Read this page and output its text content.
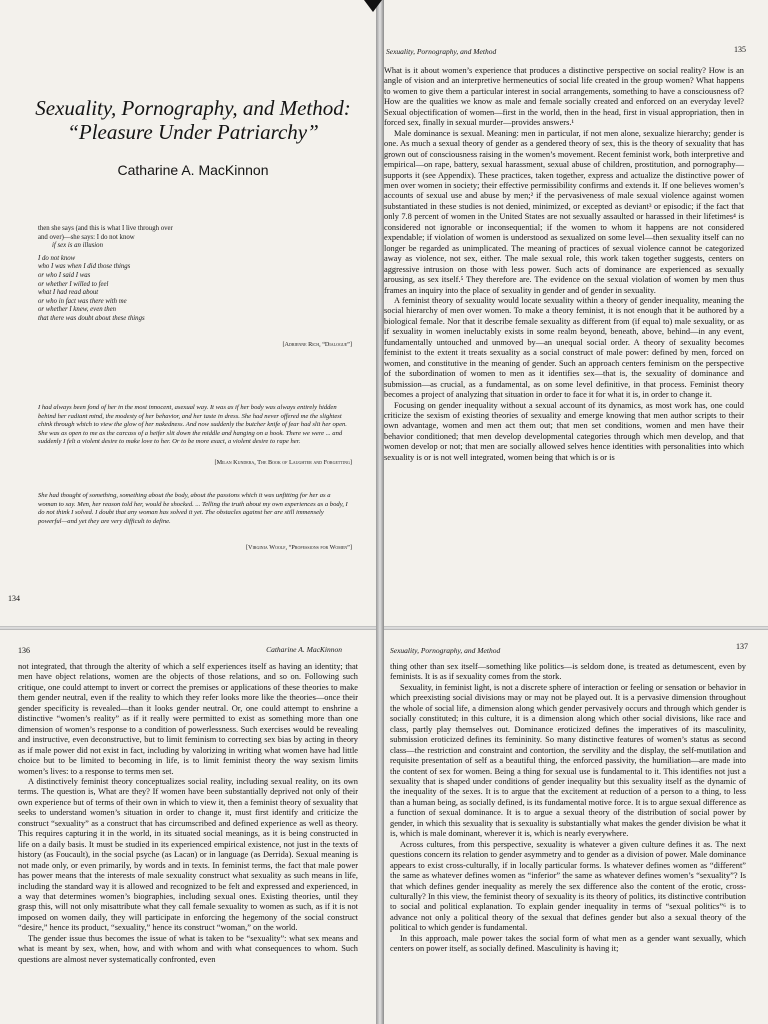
Sexuality, Pornography, and Method:
“Pleasure Under Patriarchy”
Catharine A. MacKinnon
then she says (and this is what I live through over
and over)—she says: I do not know
if sex is an illusion
I do not know
who I was when I did those things
or who I said I was
or whether I willed to feel
what I had read about
or who in fact was there with me
or whether I knew, even then
that there was doubt about these things
[Adrienne Rich, “Dialogue”]
I had always been fond of her in the most innocent, asexual way. It was as if her body was always entirely hidden behind her radiant mind, the modesty of her behavior, and her taste in dress. She had never offered me the slightest chink through which to view the glow of her nakedness. And now suddenly the butcher knife of fear had slit her open. She was as open to me as the carcass of a heifer slit down the middle and hanging on a hook. There we were ... and suddenly I felt a violent desire to make love to her. Or to be more exact, a violent desire to rape her.
[Milan Kundera, The Book of Laughter and Forgetting]
She had thought of something, something about the body, about the passions which it was unfitting for her as a woman to say. Men, her reason told her, would be shocked. ... Telling the truth about my own experiences as a body, I do not think I solved. I doubt that any woman has solved it yet. The obstacles against her are still immensely powerful—and yet they are very difficult to define.
[Virginia Woolf, “Professions for Women”]
134
Sexuality, Pornography, and Method	135

What is it about women’s experience that produces a distinctive perspective on social reality? How is an angle of vision and an interpretive hermeneutics of social life created in the group women? What happens to women to give them a particular interest in social arrangements, something to have a consciousness of? How are the qualities we know as male and female socially created and enforced on an everyday level? Sexual objectification of women—first in the world, then in the head, first in visual appropriation, then in forced sex, finally in sexual murder—provides answers.¹

Male dominance is sexual. Meaning: men in particular, if not men alone, sexualize hierarchy; gender is one. As much a sexual theory of gender as a gendered theory of sex, this is the theory of sexuality that has grown out of consciousness raising in the women’s movement. Recent feminist work, both interpretive and empirical—on rape, battery, sexual harassment, sexual abuse of children, prostitution, and pornography—supports it (see Appendix). These practices, taken together, express and actualize the distinctive power of men over women in society; their effective permissibility confirms and extends it. If one believes women’s accounts of sexual use and abuse by men;² if the pervasiveness of male sexual violence against women substantiated in these studies is not denied, minimized, or excepted as deviant³ or episodic; if the fact that only 7.8 percent of women in the United States are not sexually assaulted or harassed in their lifetimes⁴ is considered not ignorable or inconsequential; if the women to whom it happens are not considered expendable; if violation of women is understood as sexualized on some level—then sexuality itself can no longer be regarded as unimplicated. The meaning of practices of sexual violence cannot be categorized away as violence, not sex, either. The male sexual role, this work taken together suggests, centers on aggressive intrusion on those with less power. Such acts of dominance are experienced as sexually arousing, as sex itself.⁵ They therefore are. The evidence on the sexual violation of women by men thus frames an inquiry into the place of sexuality in gender and of gender in sexuality.

A feminist theory of sexuality would locate sexuality within a theory of gender inequality, meaning the social hierarchy of men over women. To make a theory feminist, it is not enough that it be authored by a biological female. Nor that it describe female sexuality as different from (if equal to) male sexuality, or as if sexuality in women ineluctably exists in some realm beyond, beneath, above, behind—in any event, fundamentally untouched and unmoved by—an unequal social order. A theory of sexuality becomes feminist to the extent it treats sexuality as a social construct of male power: defined by men, forced on women, and constitutive in the meaning of gender. Such an approach centers feminism on the perspective of the subordination of women to men as it identifies sex—that is, the sexuality of dominance and submission—as crucial, as a fundamental, as on some level definitive, in that process. Feminist theory becomes a project of analyzing that situation in order to face it for what it is, in order to change it.

Focusing on gender inequality without a sexual account of its dynamics, as most work has, one could criticize the sexism of existing theories of sexuality and emerge knowing that men author scripts to their own advantage, women and men act them out; that men set conditions, women and men have their behavior conditioned; that men develop developmental categories through which men develop, and that women develop or not; that men are socially allowed selves hence identities with personalities into which sexuality is or is not well integrated, women being that which is or is

136	Catharine A. MacKinnon

not integrated, that through the alterity of which a self experiences itself as having an identity; that men have object relations, women are the objects of those relations, and so on. Following such critique, one could attempt to invert or correct the premises or applications of these theories to make them gender neutral, even if the reality to which they refer looks more like the theories—once their gender specificity is revealed—than it looks gender neutral. Or, one could attempt to enshrine a distinctive “women’s reality” as if it really were permitted to exist as something more than one dimension of women’s response to a condition of powerlessness. Such exercises would be revealing and instructive, even deconstructive, but to limit feminism to correcting sex bias by acting in theory as if male power did not exist in fact, including by valorizing in writing what women have had little choice but to be limited to becoming in life, is to limit feminist theory the way sexism limits women’s lives: to a response to terms men set.

A distinctively feminist theory conceptualizes social reality, including sexual reality, on its own terms. The question is, What are they? If women have been substantially deprived not only of their own experience but of terms of their own in which to view it, then a feminist theory of sexuality that seeks to understand women’s situation in order to change it, must first identify and criticize the construct “sexuality” as a construct that has circumscribed and defined experience as well as theory. This requires capturing it in the world, in its situated social meanings, as it is being constructed in life on a daily basis. It must be studied in its experienced empirical existence, not just in the texts of history (as Foucault), in the social psyche (as Lacan) or in language (as Derrida). Sexual meaning is not made only, or even primarily, by words and in texts. In feminist terms, the fact that male power has power means that the interests of male sexuality construct what sexuality as such means in life, including the standard way it is allowed and recognized to be felt and expressed and experienced, in a way that determines women’s biographies, including sexual ones. Existing theories, until they grasp this, will not only misattribute what they call female sexuality to women as such, as if it is not imposed on women daily, they will participate in enforcing the hegemony of the social construct “desire,” hence its product, “sexuality,” hence its construct “woman,” on the world.

The gender issue thus becomes the issue of what is taken to be “sexuality”: what sex means and what is meant by sex, when, how, and with whom and with what consequences to whom. Such questions are almost never systematically confronted, even

Sexuality, Pornography, and Method	137

thing other than sex itself—something like politics—is seldom done, is treated as detumescent, even by feminists. It is as if sexuality comes from the stork.

Sexuality, in feminist light, is not a discrete sphere of interaction or feeling or sensation or behavior in which preexisting social divisions may or may not be played out. It is a pervasive dimension throughout the whole of social life, a dimension along which gender pervasively occurs and through which gender is socially constituted; in this culture, it is a dimension along which other social divisions, like race and class, partly play themselves out. Dominance eroticized defines the imperatives of its masculinity, submission eroticized defines its femininity. So many distinctive features of women’s status as second class—the restriction and constraint and contortion, the servility and the display, the self-mutilation and requisite presentation of self as a beautiful thing, the enforced passivity, the humiliation—are made into the content of sex for women. Being a thing for sexual use is fundamental to it. This identifies not just a sexuality that is shaped under conditions of gender inequality but this sexuality itself as the dynamic of the inequality of the sexes. It is to argue that the excitement at reduction of a person to a thing, to less than a human being, as socially defined, is its fundamental motive force. It is to argue sexual difference as a function of sexual dominance. It is to argue a sexual theory of the distribution of social power by gender, in which this sexuality that is sexuality is substantially what makes the gender division be what it is, which is male dominant, wherever it is, which is nearly everywhere.

Across cultures, from this perspective, sexuality is whatever a given culture defines it as. The next questions concern its relation to gender asymmetry and to gender as a division of power. Male dominance appears to exist cross-culturally, if in locally particular forms. Is whatever defines women as “different” the same as whatever defines women as “inferior” the same as whatever defines women’s “sexuality”? Is that which defines gender inequality as merely the sex difference also the content of the erotic, cross-culturally? In this view, the feminist theory of sexuality is its theory of politics, its distinctive contribution to social and political explanation. To explain gender inequality in terms of “sexual politics”⁶ is to advance not only a political theory of the sexual that defines gender but also a sexual theory of the political to which gender is fundamental.

In this approach, male power takes the social form of what men as a gender want sexually, which centers on power itself, as socially defined. Masculinity is having it;
